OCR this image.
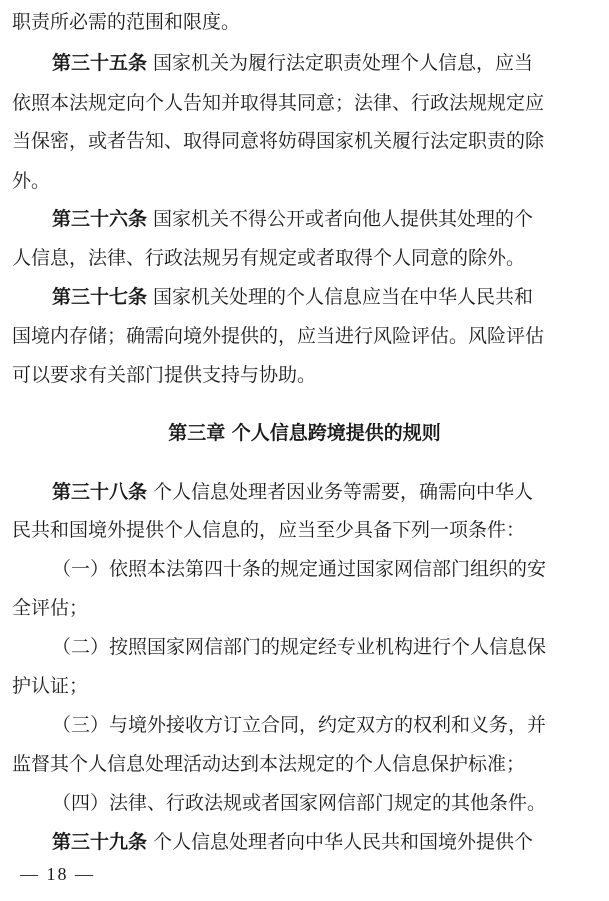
职责所必需的范围和限度。
第三十五条 国家机关为履行法定职责处理个人信息，应当
依照本法规定向个人告知并取得其同意；法律、行政法规规定应
当保密，或者告知、取得同意将妨碍国家机关履行法定职责的除
外。
第三十六条 国家机关不得公开或者向他人提供其处理的个
人信息，法律、行政法规另有规定或者取得个人同意的除外。
第三十七条 国家机关处理的个人信息应当在中华人民共和
国境内存储；确需向境外提供的，应当进行风险评估。风险评估
可以要求有关部门提供支持与协助。
第三章 个人信息跨境提供的规则
第三十八条 个人信息处理者因业务等需要，确需向中华人
民共和国境外提供个人信息的，应当至少具备下列一项条件：
（一）依照本法第四十条的规定通过国家网信部门组织的安
全评估；
（二）按照国家网信部门的规定经专业机构进行个人信息保
护认证；
（三）与境外接收方订立合同，约定双方的权利和义务，并
监督其个人信息处理活动达到本法规定的个人信息保护标准；
（四）法律、行政法规或者国家网信部门规定的其他条件。
第三十九条 个人信息处理者向中华人民共和国境外提供个
— 18 —
